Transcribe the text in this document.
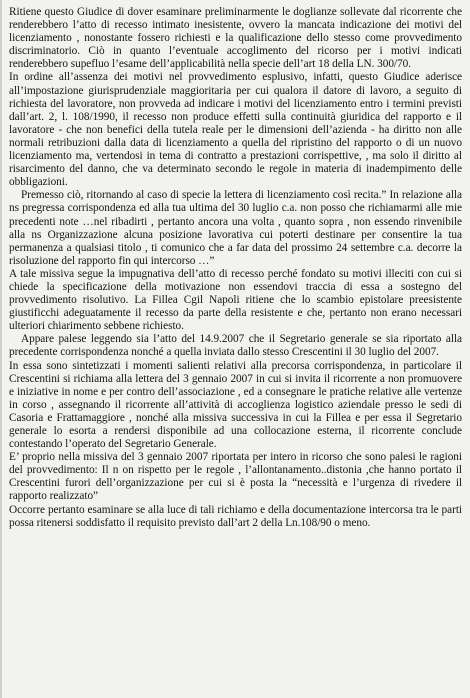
Ritiene questo Giudice di dover esaminare preliminarmente le doglianze sollevate dal ricorrente che renderebbero l’atto di recesso intimato inesistente, ovvero la mancata indicazione dei motivi del licenziamento , nonostante fossero richiesti e la qualificazione dello stesso come provvedimento discriminatorio. Ciò in quanto l’eventuale accoglimento del ricorso per i motivi indicati renderebbero supefluo l’esame dell’applicabilità nella specie dell’art 18 della LN. 300/70.

In ordine all’assenza dei motivi nel provvedimento esplusivo, infatti, questo Giudice aderisce all’impostazione giurisprudenziale maggioritaria per cui qualora il datore di lavoro, a seguito di richiesta del lavoratore, non provveda ad indicare i motivi del licenziamento entro i termini previsti dall’art. 2, l. 108/1990, il recesso non produce effetti sulla continuità giuridica del rapporto e il lavoratore - che non benefici della tutela reale per le dimensioni dell’azienda - ha diritto non alle normali retribuzioni dalla data di licenziamento a quella del ripristino del rapporto o di un nuovo licenziamento ma, vertendosi in tema di contratto a prestazioni corrispettive, , ma solo il diritto al risarcimento del danno, che va determinato secondo le regole in materia di inadempimento delle obbligazioni.

Premesso ciò, ritornando al caso di specie la lettera di licenziamento così recita.” In relazione alla ns pregressa corrispondenza ed alla tua ultima del 30 luglio c.a. non posso che richiamarmi alle mie precedenti note …nel ribadirti , pertanto ancora una volta , quanto sopra , non essendo rinvenibile alla ns Organizzazione alcuna posizione lavorativa cui poterti destinare per consentire la tua permanenza a qualsiasi titolo , ti comunico che a far data del prossimo 24 settembre c.a. decorre la risoluzione del rapporto fin qui intercorso …”

A tale missiva segue la impugnativa dell’atto di recesso perché fondato su motivi illeciti con cui si chiede la specificazione della motivazione non essendovi traccia di essa a sostegno del provvedimento risolutivo. La Fillea Cgil Napoli ritiene che lo scambio epistolare preesistente giustificchi adeguatamente il recesso da parte della resistente e che, pertanto non erano necessari ulteriori chiarimento sebbene richiesto.

Appare palese leggendo sia l’atto del 14.9.2007 che il Segretario generale se sia riportato alla precedente corrispondenza nonché a quella inviata dallo stesso Crescentini il 30 luglio del 2007.

In essa sono sintetizzati i momenti salienti relativi alla precorsa corrispondenza, in particolare il Crescentini si richiama alla lettera del 3 gennaio 2007 in cui si invita il ricorrente a non promuovere e iniziative in nome e per contro dell’associazione , ed a consegnare le pratiche relative alle vertenze in corso , assegnando il ricorrente all’attività di accoglienza logistico aziendale presso le sedi di Casoria e Frattamaggiore , nonché alla missiva successiva in cui la Fillea e per essa il Segretario generale lo esorta a rendersi disponibile ad una collocazione esterna, il ricorrente conclude contestando l’operato del Segretario Generale.

E’ proprio nella missiva del 3 gennaio 2007 riportata per intero in ricorso che sono palesi le ragioni del provvedimento: Il n on rispetto per le regole , l’allontanamento..distonia ,che hanno portato il Crescentini furori dell’organizzazione per cui si è posta la “necessità e l’urgenza di rivedere il rapporto realizzato”

Occorre pertanto esaminare se alla luce di tali richiamo e della documentazione intercorsa tra le parti possa ritenersi soddisfatto il requisito previsto dall’art 2 della Ln.108/90 o meno.
